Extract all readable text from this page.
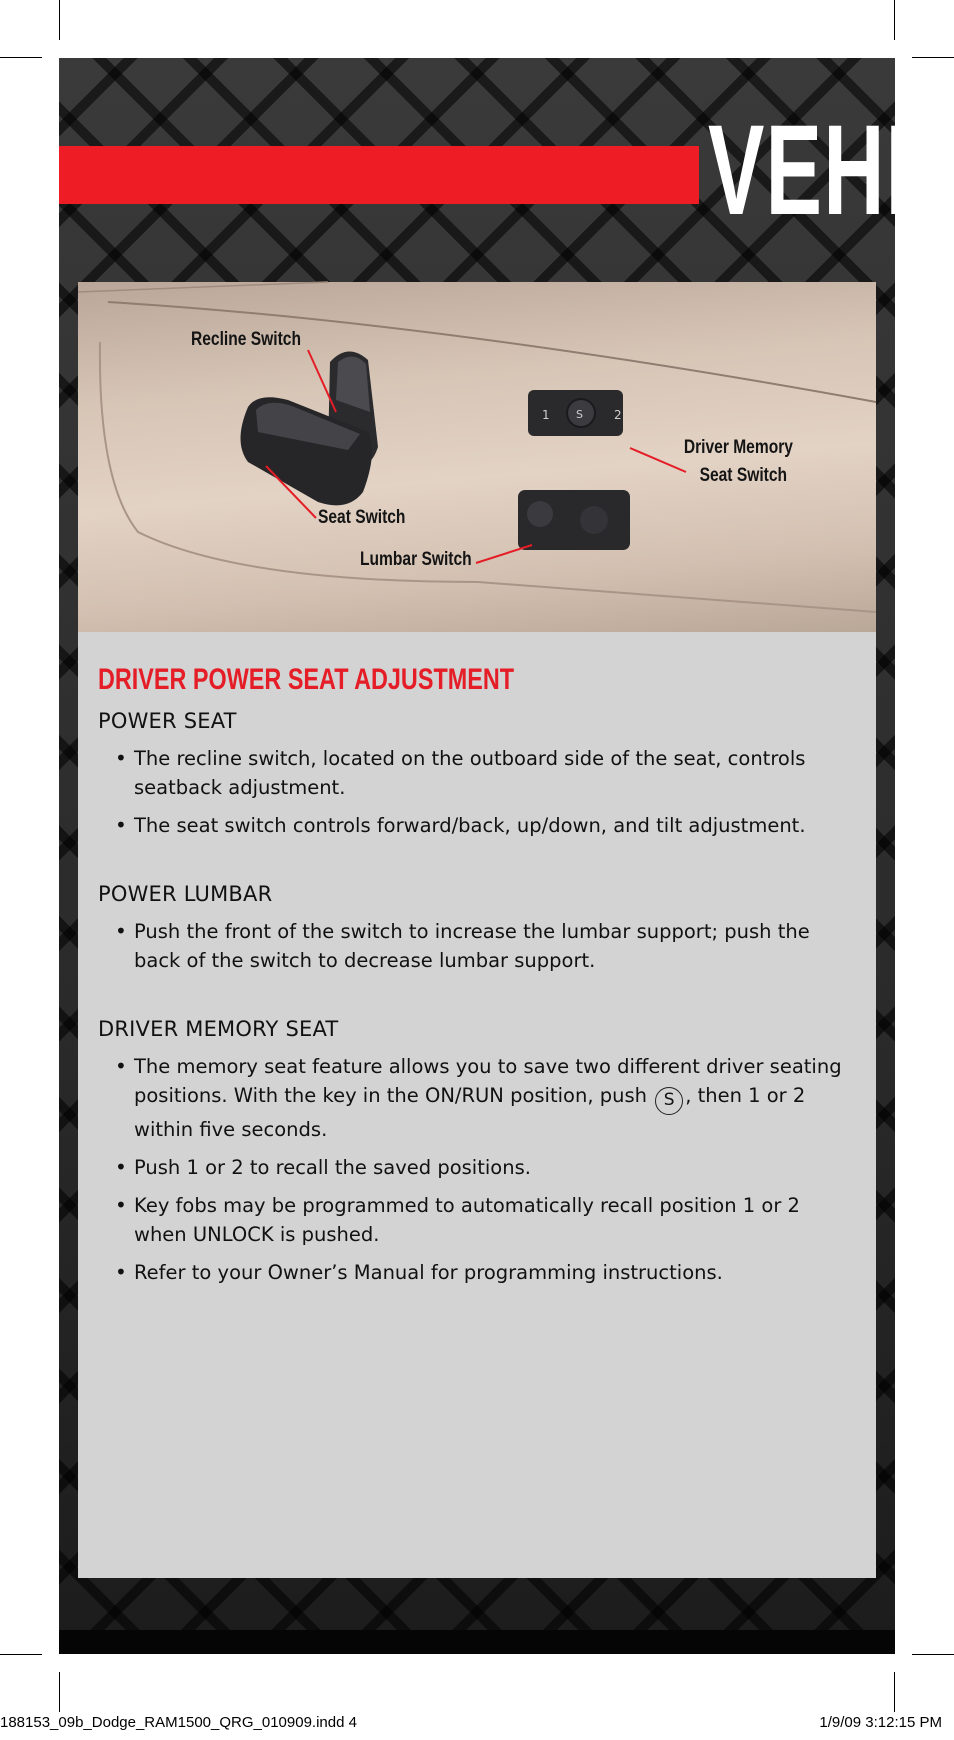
VEHI
1 S	2
Recline Switch
Seat Switch
Lumbar Switch
Driver Memory
Seat Switch
DRIVER POWER SEAT ADJUSTMENT
POWER SEAT
• The recline switch, located on the outboard side of the seat, controls seatback adjustment.
• The seat switch controls forward/back, up/down, and tilt adjustment.
POWER LUMBAR
• Push the front of the switch to increase the lumbar support; push the back of the switch to decrease lumbar support.
DRIVER MEMORY SEAT
• The memory seat feature allows you to save two different driver seating positions. With the key in the ON/RUN position, push S , then 1 or 2 within five seconds.
• Push 1 or 2 to recall the saved positions.
• Key fobs may be programmed to automatically recall position 1 or 2 when UNLOCK is pushed.
• Refer to your Owner’s Manual for programming instructions.
188153_09b_Dodge_RAM1500_QRG_010909.indd 4	1/9/09 3:12:15 PM
